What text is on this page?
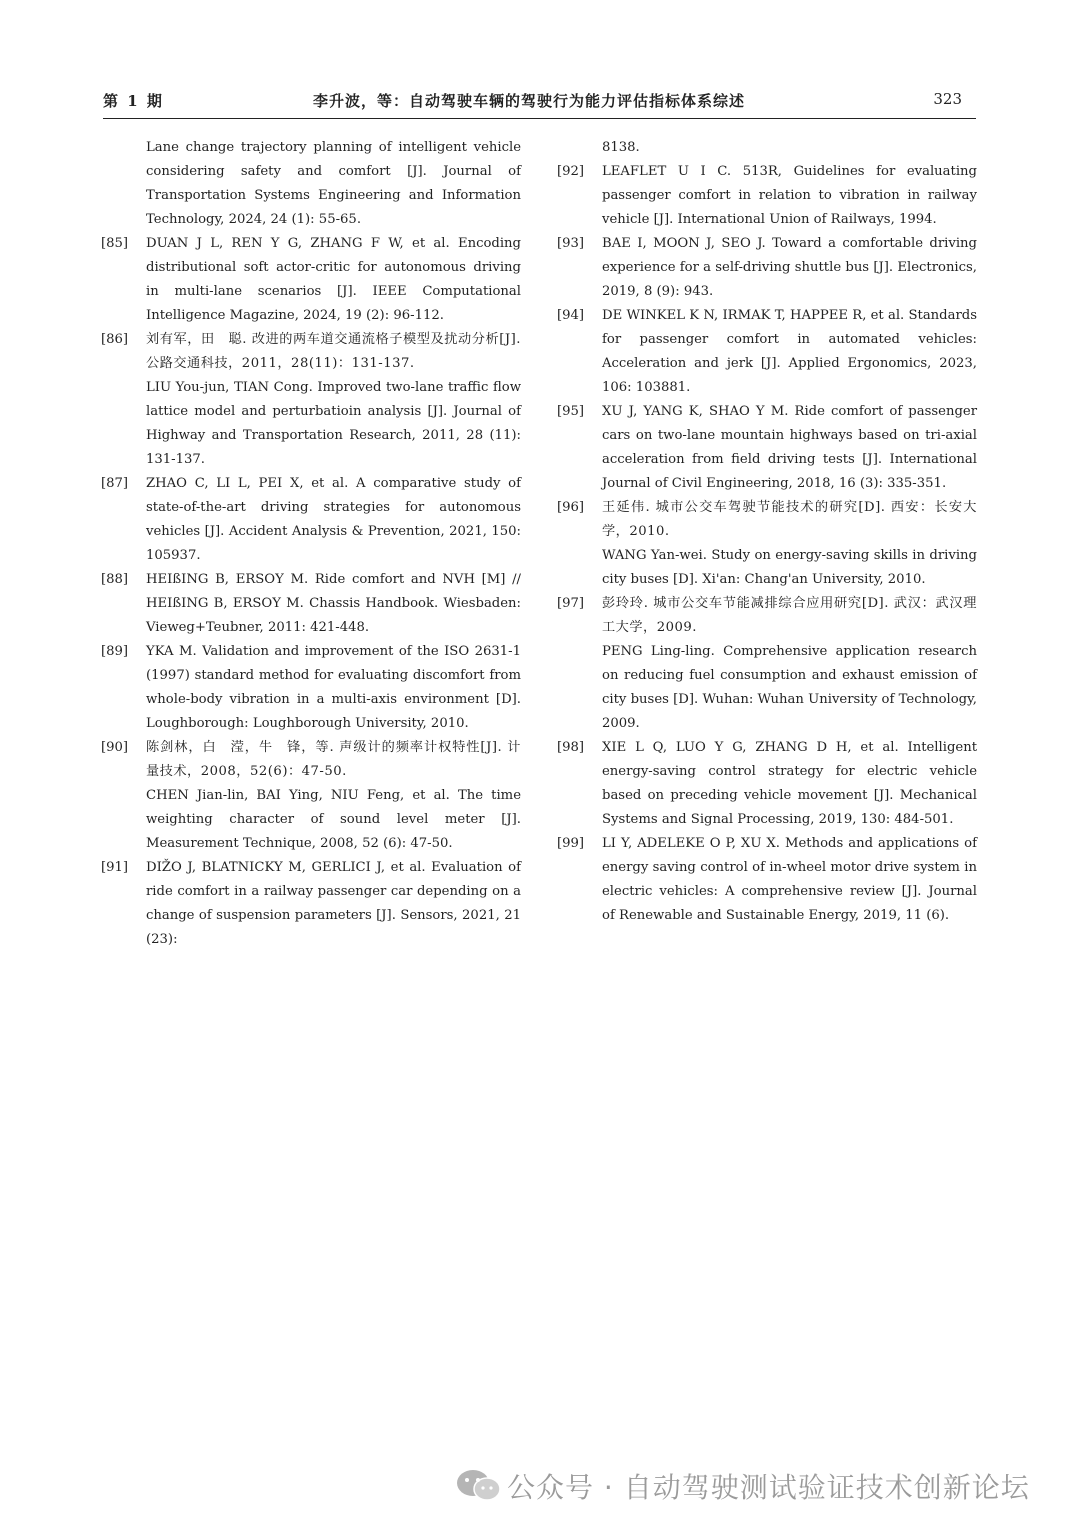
第 1 期	李升波，等：自动驾驶车辆的驾驶行为能力评估指标体系综述	323
Lane change trajectory planning of intelligent vehicle considering safety and comfort [J]. Journal of Transportation Systems Engineering and Information Technology, 2024, 24 (1): 55-65.
[85] DUAN J L, REN Y G, ZHANG F W, et al. Encoding distributional soft actor-critic for autonomous driving in multi-lane scenarios [J]. IEEE Computational Intelligence Magazine, 2024, 19 (2): 96-112.
[86] 刘有军，田　聪. 改进的两车道交通流格子模型及扰动分析[J]. 公路交通科技，2011，28(11)：131-137.
LIU You-jun, TIAN Cong. Improved two-lane traffic flow lattice model and perturbatioin analysis [J]. Journal of Highway and Transportation Research, 2011, 28 (11): 131-137.
[87] ZHAO C, LI L, PEI X, et al. A comparative study of state-of-the-art driving strategies for autonomous vehicles [J]. Accident Analysis & Prevention, 2021, 150: 105937.
[88] HEIßING B, ERSOY M. Ride comfort and NVH [M] // HEIßING B, ERSOY M. Chassis Handbook. Wiesbaden: Vieweg+Teubner, 2011: 421-448.
[89] YKA M. Validation and improvement of the ISO 2631-1 (1997) standard method for evaluating discomfort from whole-body vibration in a multi-axis environment [D]. Loughborough: Loughborough University, 2010.
[90] 陈剑林，白　滢，牛　锋，等. 声级计的频率计权特性[J]. 计量技术，2008，52(6)：47-50.
CHEN Jian-lin, BAI Ying, NIU Feng, et al. The time weighting character of sound level meter [J]. Measurement Technique, 2008, 52 (6): 47-50.
[91] DIŽO J, BLATNICKY M, GERLICI J, et al. Evaluation of ride comfort in a railway passenger car depending on a change of suspension parameters [J]. Sensors, 2021, 21 (23):
8138.
[92] LEAFLET U I C. 513R, Guidelines for evaluating passenger comfort in relation to vibration in railway vehicle [J]. International Union of Railways, 1994.
[93] BAE I, MOON J, SEO J. Toward a comfortable driving experience for a self-driving shuttle bus [J]. Electronics, 2019, 8 (9): 943.
[94] DE WINKEL K N, IRMAK T, HAPPEE R, et al. Standards for passenger comfort in automated vehicles: Acceleration and jerk [J]. Applied Ergonomics, 2023, 106: 103881.
[95] XU J, YANG K, SHAO Y M. Ride comfort of passenger cars on two-lane mountain highways based on tri-axial acceleration from field driving tests [J]. International Journal of Civil Engineering, 2018, 16 (3): 335-351.
[96] 王延伟. 城市公交车驾驶节能技术的研究[D]. 西安：长安大学，2010.
WANG Yan-wei. Study on energy-saving skills in driving city buses [D]. Xi'an: Chang'an University, 2010.
[97] 彭玲玲. 城市公交车节能减排综合应用研究[D]. 武汉：武汉理工大学，2009.
PENG Ling-ling. Comprehensive application research on reducing fuel consumption and exhaust emission of city buses [D]. Wuhan: Wuhan University of Technology, 2009.
[98] XIE L Q, LUO Y G, ZHANG D H, et al. Intelligent energy-saving control strategy for electric vehicle based on preceding vehicle movement [J]. Mechanical Systems and Signal Processing, 2019, 130: 484-501.
[99] LI Y, ADELEKE O P, XU X. Methods and applications of energy saving control of in-wheel motor drive system in electric vehicles: A comprehensive review [J]. Journal of Renewable and Sustainable Energy, 2019, 11 (6).
公众号 · 自动驾驶测试验证技术创新论坛
